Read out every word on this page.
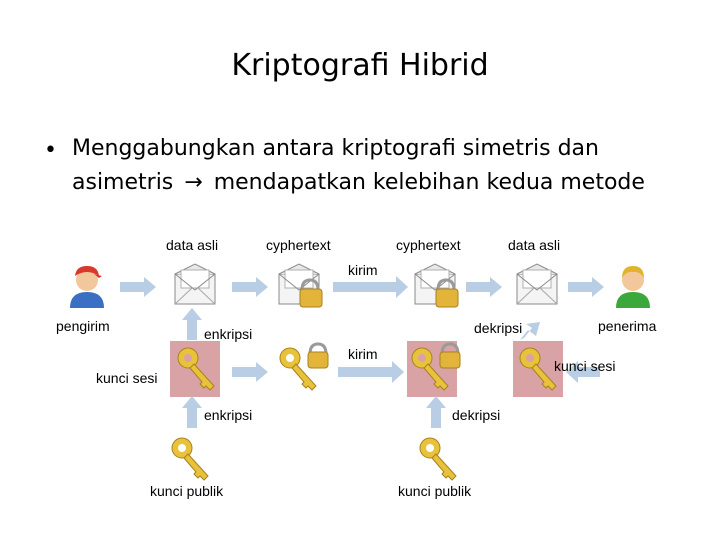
Kriptografi Hibrid
• Menggabungkan antara kriptografi simetris dan asimetris → mendapatkan kelebihan kedua metode
data asli	cyphertext	cyphertext	data asli
kirim
pengirim	penerima
enkripsi	dekripsi
kirim
kunci sesi
kunci sesi
enkripsi	dekripsi
kunci publik	kunci publik
